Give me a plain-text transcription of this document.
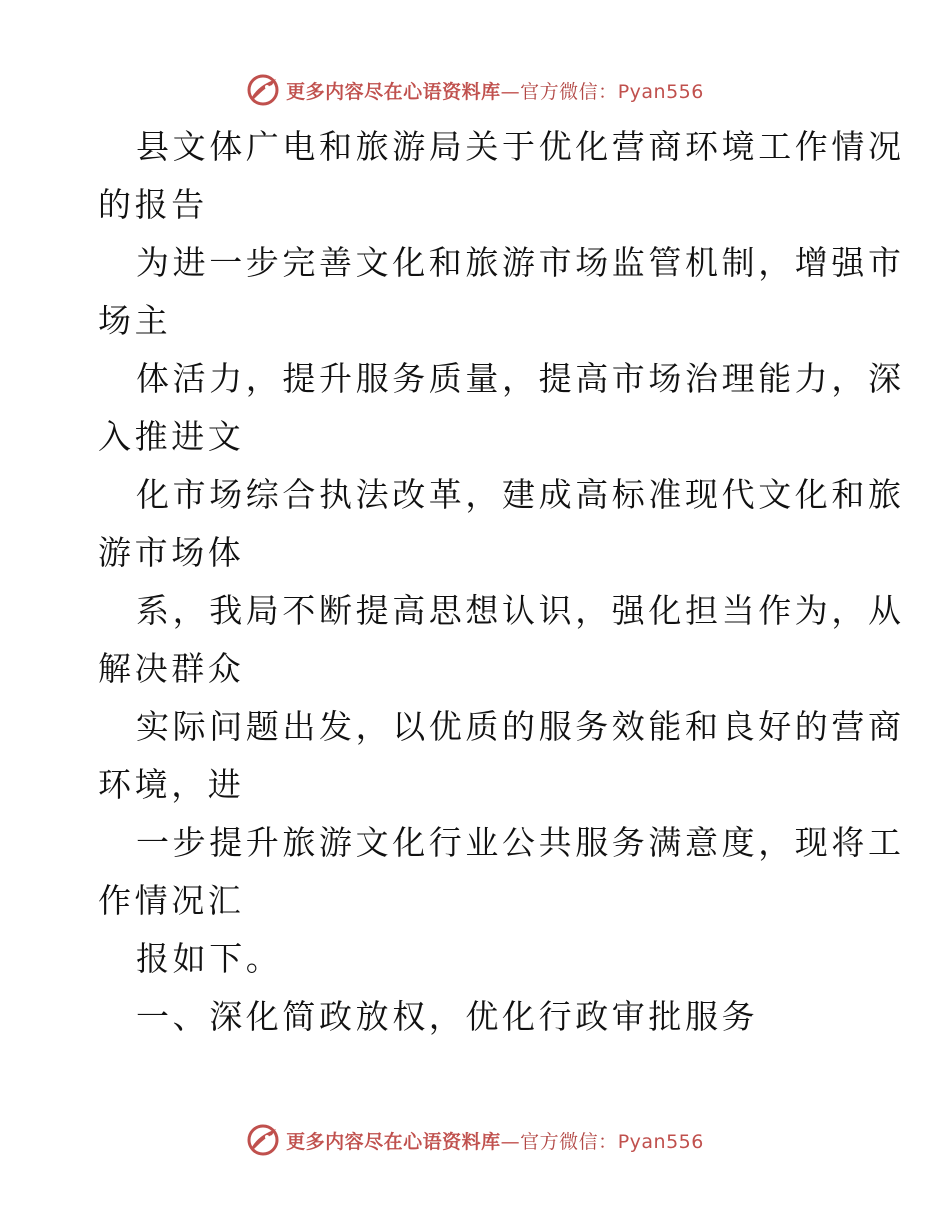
更多内容尽在心语资料库—官方微信：Pyan556

县文体广电和旅游局关于优化营商环境工作情况

的报告

为进一步完善文化和旅游市场监管机制，增强市

场主

体活力，提升服务质量，提高市场治理能力，深

入推进文

化市场综合执法改革，建成高标准现代文化和旅

游市场体

系，我局不断提高思想认识，强化担当作为，从

解决群众

实际问题出发，以优质的服务效能和良好的营商

环境，进

一步提升旅游文化行业公共服务满意度，现将工

作情况汇

报如下。

一、深化简政放权，优化行政审批服务

更多内容尽在心语资料库—官方微信：Pyan556
